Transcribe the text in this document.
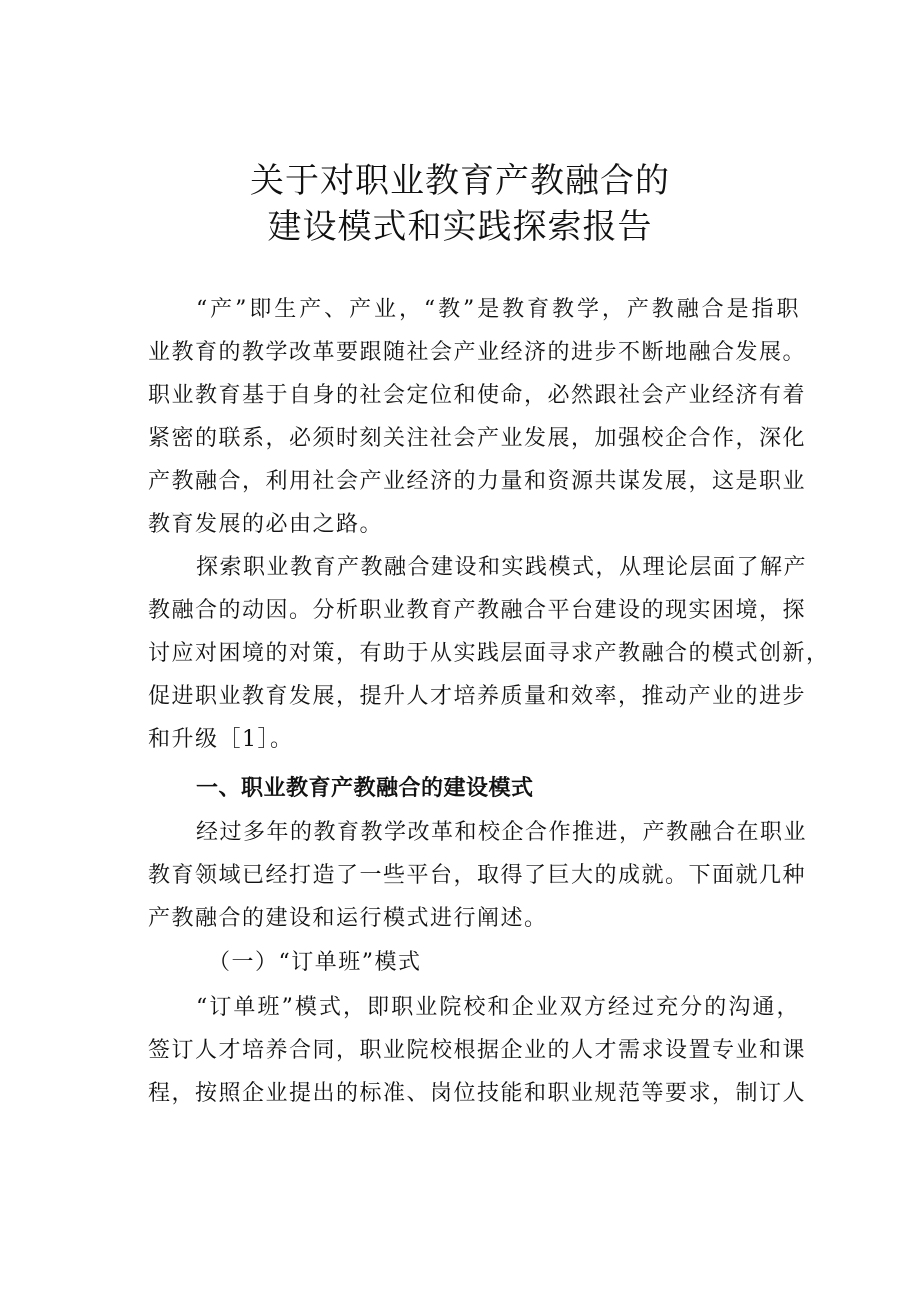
关于对职业教育产教融合的
建设模式和实践探索报告
“产”即生产、产业，“教”是教育教学，产教融合是指职
业教育的教学改革要跟随社会产业经济的进步不断地融合发展。
职业教育基于自身的社会定位和使命，必然跟社会产业经济有着
紧密的联系，必须时刻关注社会产业发展，加强校企合作，深化
产教融合，利用社会产业经济的力量和资源共谋发展，这是职业
教育发展的必由之路。
探索职业教育产教融合建设和实践模式，从理论层面了解产
教融合的动因。分析职业教育产教融合平台建设的现实困境，探
讨应对困境的对策，有助于从实践层面寻求产教融合的模式创新，
促进职业教育发展，提升人才培养质量和效率，推动产业的进步
和升级［1］。
一、职业教育产教融合的建设模式
经过多年的教育教学改革和校企合作推进，产教融合在职业
教育领域已经打造了一些平台，取得了巨大的成就。下面就几种
产教融合的建设和运行模式进行阐述。
（一）“订单班”模式
“订单班”模式，即职业院校和企业双方经过充分的沟通，
签订人才培养合同，职业院校根据企业的人才需求设置专业和课
程，按照企业提出的标准、岗位技能和职业规范等要求，制订人
